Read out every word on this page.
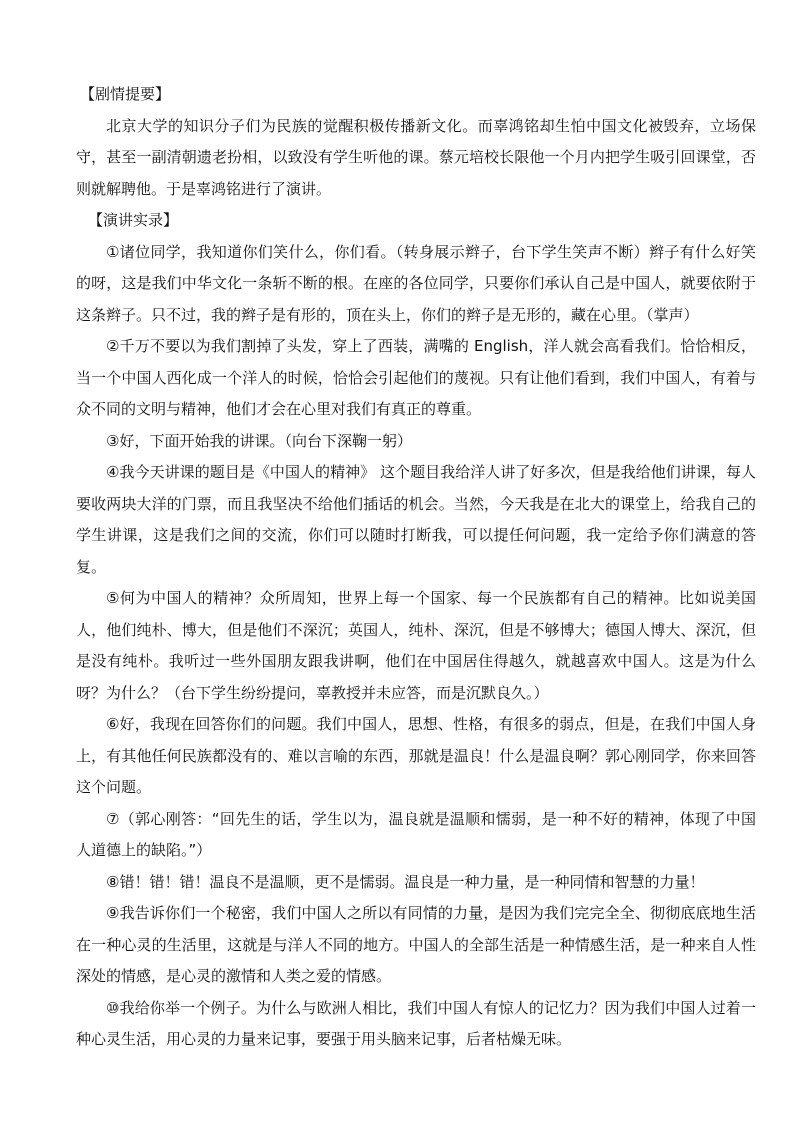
【剧情提要】

北京大学的知识分子们为民族的觉醒积极传播新文化。而辜鸿铭却生怕中国文化被毁弃，立场保守，甚至一副清朝遗老扮相，以致没有学生听他的课。蔡元培校长限他一个月内把学生吸引回课堂，否则就解聘他。于是辜鸿铭进行了演讲。

【演讲实录】

①诸位同学，我知道你们笑什么，你们看。（转身展示辫子，台下学生笑声不断）辫子有什么好笑的呀，这是我们中华文化一条斩不断的根。在座的各位同学，只要你们承认自己是中国人，就要依附于这条辫子。只不过，我的辫子是有形的，顶在头上，你们的辫子是无形的，藏在心里。（掌声）

②千万不要以为我们割掉了头发，穿上了西装，满嘴的 English，洋人就会高看我们。恰恰相反，当一个中国人西化成一个洋人的时候，恰恰会引起他们的蔑视。只有让他们看到，我们中国人，有着与众不同的文明与精神，他们才会在心里对我们有真正的尊重。

③好，下面开始我的讲课。（向台下深鞠一躬）

④我今天讲课的题目是《中国人的精神》 这个题目我给洋人讲了好多次，但是我给他们讲课，每人要收两块大洋的门票，而且我坚决不给他们插话的机会。当然，今天我是在北大的课堂上，给我自己的学生讲课，这是我们之间的交流，你们可以随时打断我，可以提任何问题，我一定给予你们满意的答复。

⑤何为中国人的精神？众所周知，世界上每一个国家、每一个民族都有自己的精神。比如说美国人，他们纯朴、博大，但是他们不深沉；英国人，纯朴、深沉，但是不够博大；德国人博大、深沉，但是没有纯朴。我听过一些外国朋友跟我讲啊，他们在中国居住得越久，就越喜欢中国人。这是为什么呀？为什么？（台下学生纷纷提问，辜教授并未应答，而是沉默良久。）

⑥好，我现在回答你们的问题。我们中国人，思想、性格，有很多的弱点，但是，在我们中国人身上，有其他任何民族都没有的、难以言喻的东西，那就是温良！什么是温良啊？郭心刚同学，你来回答这个问题。

⑦（郭心刚答：“回先生的话，学生以为，温良就是温顺和懦弱，是一种不好的精神，体现了中国人道德上的缺陷。”）

⑧错！错！错！温良不是温顺，更不是懦弱。温良是一种力量，是一种同情和智慧的力量！

⑨我告诉你们一个秘密，我们中国人之所以有同情的力量，是因为我们完完全全、彻彻底底地生活在一种心灵的生活里，这就是与洋人不同的地方。中国人的全部生活是一种情感生活，是一种来自人性深处的情感，是心灵的激情和人类之爱的情感。

⑩我给你举一个例子。为什么与欧洲人相比，我们中国人有惊人的记忆力？因为我们中国人过着一种心灵生活，用心灵的力量来记事，要强于用头脑来记事，后者枯燥无味。
